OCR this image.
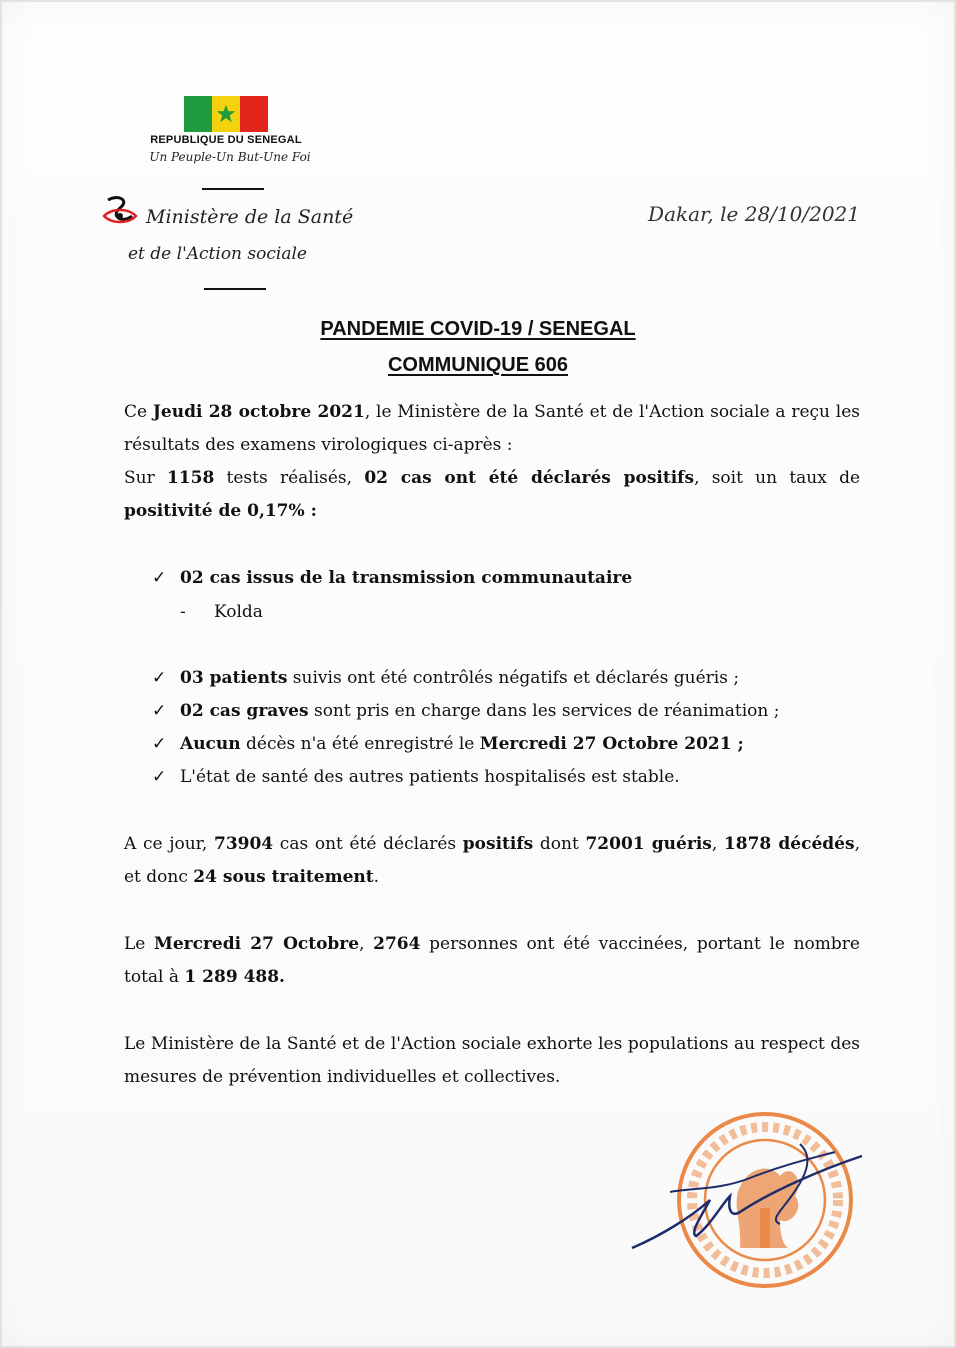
REPUBLIQUE DU SENEGAL
Un Peuple-Un But-Une Foi
Ministère de la Santé
et de l'Action sociale
Dakar, le 28/10/2021
PANDEMIE COVID-19 / SENEGAL
COMMUNIQUE 606
Ce Jeudi 28 octobre 2021, le Ministère de la Santé et de l'Action sociale a reçu les résultats des examens virologiques ci-après :
Sur 1158 tests réalisés, 02 cas ont été déclarés positifs, soit un taux de positivité de 0,17% :
✓ 02 cas issus de la transmission communautaire
- Kolda
✓ 03 patients suivis ont été contrôlés négatifs et déclarés guéris ;
✓ 02 cas graves sont pris en charge dans les services de réanimation ;
✓ Aucun décès n'a été enregistré le Mercredi 27 Octobre 2021 ;
✓ L'état de santé des autres patients hospitalisés est stable.
A ce jour, 73904 cas ont été déclarés positifs dont 72001 guéris, 1878 décédés, et donc 24 sous traitement.
Le Mercredi 27 Octobre, 2764 personnes ont été vaccinées, portant le nombre total à 1 289 488.
Le Ministère de la Santé et de l'Action sociale exhorte les populations au respect des mesures de prévention individuelles et collectives.
